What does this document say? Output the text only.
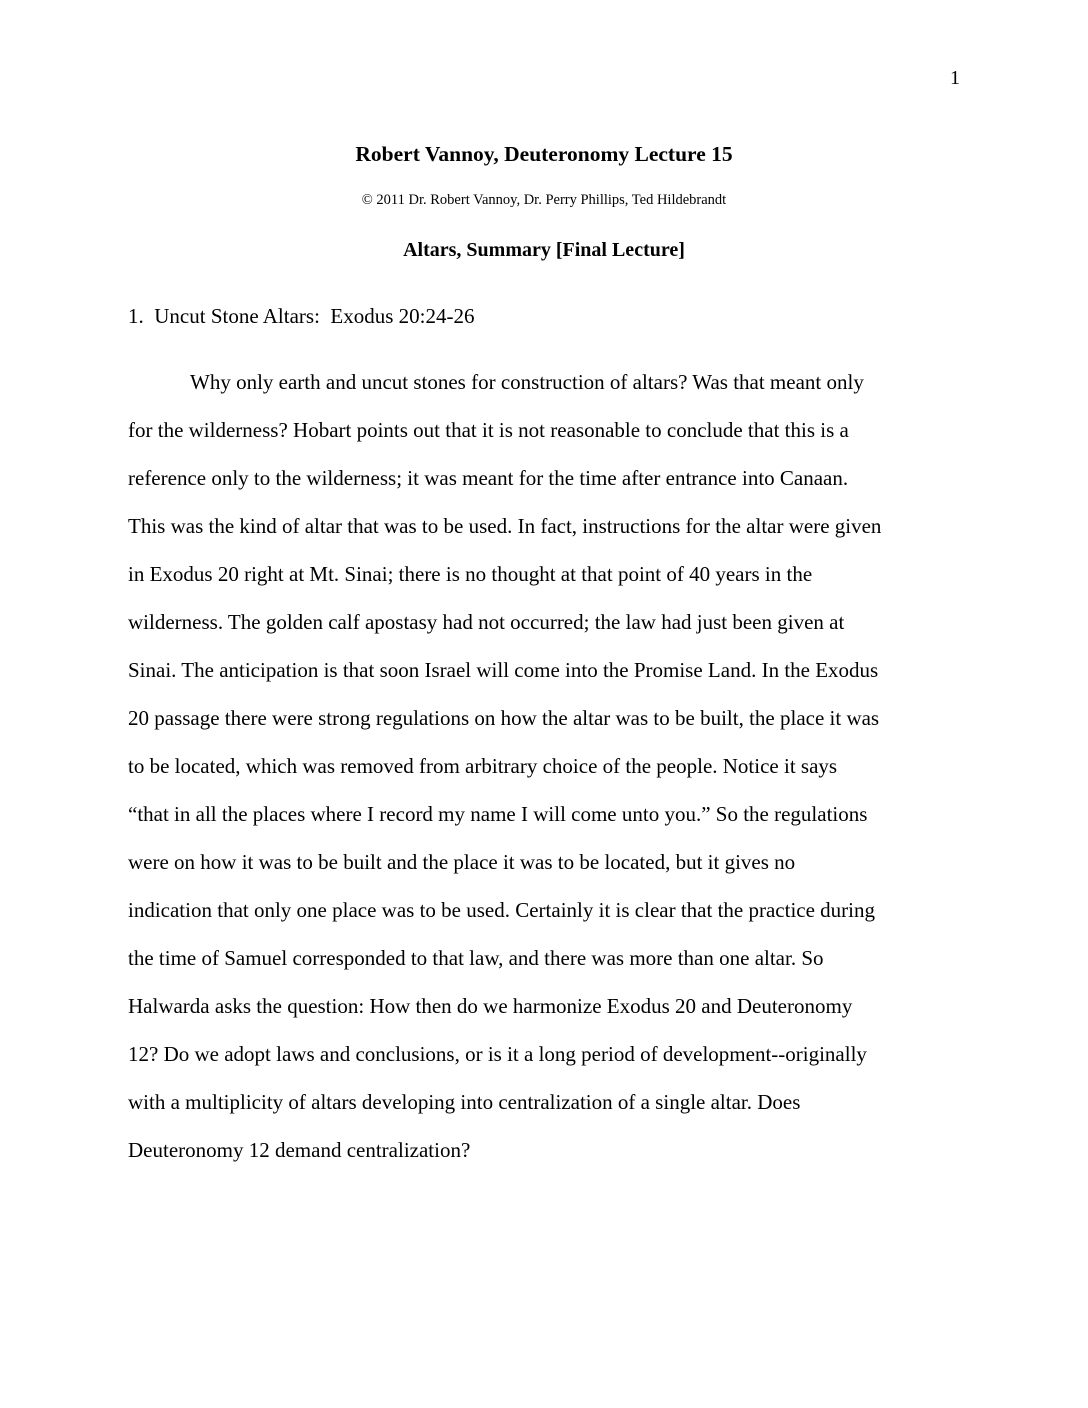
1
Robert Vannoy, Deuteronomy Lecture 15
© 2011 Dr. Robert Vannoy, Dr. Perry Phillips, Ted Hildebrandt
Altars, Summary [Final Lecture]
1.  Uncut Stone Altars:  Exodus 20:24-26
Why only earth and uncut stones for construction of altars? Was that meant only
for the wilderness? Hobart points out that it is not reasonable to conclude that this is a
reference only to the wilderness; it was meant for the time after entrance into Canaan.
This was the kind of altar that was to be used. In fact, instructions for the altar were given
in Exodus 20 right at Mt. Sinai; there is no thought at that point of 40 years in the
wilderness. The golden calf apostasy had not occurred; the law had just been given at
Sinai. The anticipation is that soon Israel will come into the Promise Land. In the Exodus
20 passage there were strong regulations on how the altar was to be built, the place it was
to be located, which was removed from arbitrary choice of the people. Notice it says
“that in all the places where I record my name I will come unto you.” So the regulations
were on how it was to be built and the place it was to be located, but it gives no
indication that only one place was to be used. Certainly it is clear that the practice during
the time of Samuel corresponded to that law, and there was more than one altar. So
Halwarda asks the question: How then do we harmonize Exodus 20 and Deuteronomy
12? Do we adopt laws and conclusions, or is it a long period of development--originally
with a multiplicity of altars developing into centralization of a single altar. Does
Deuteronomy 12 demand centralization?
